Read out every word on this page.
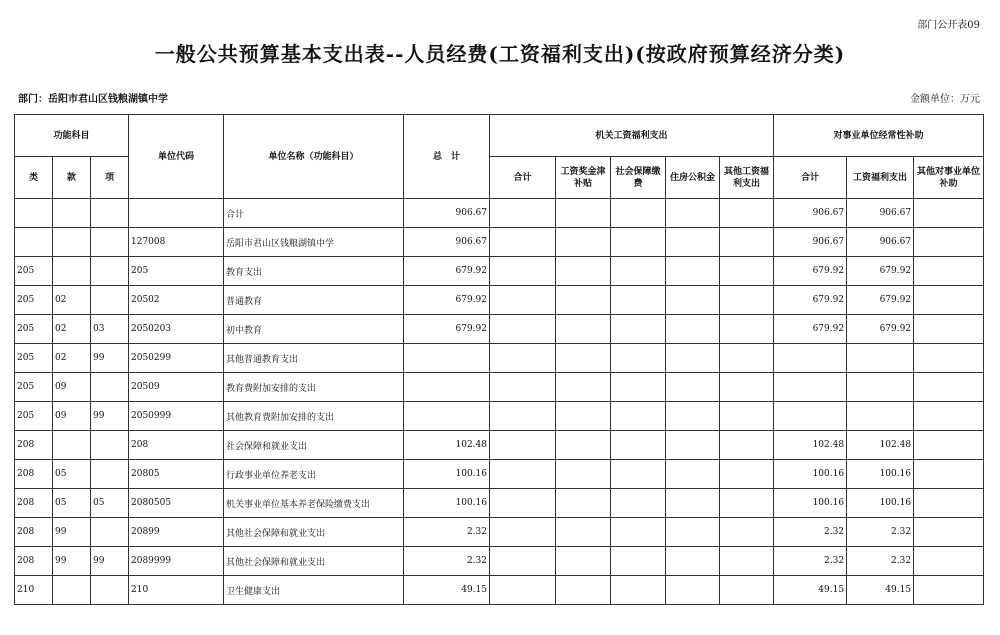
部门公开表09
一般公共预算基本支出表--人员经费(工资福利支出)(按政府预算经济分类)
部门：岳阳市君山区钱粮湖镇中学	金额单位：万元
功能科目			单位代码	单位名称（功能科目）	总　计	机关工资福利支出					对事业单位经常性补助		
类	款	项				合计	工资奖金津补贴	社会保障缴费	住房公积金	其他工资福利支出	合计	工资福利支出	其他对事业单位补助
				合计	906.67						906.67	906.67	
			127008	岳阳市君山区钱粮湖镇中学	906.67						906.67	906.67	
205			205	教育支出	679.92						679.92	679.92	
205	02		20502	普通教育	679.92						679.92	679.92	
205	02	03	2050203	初中教育	679.92						679.92	679.92	
205	02	99	2050299	其他普通教育支出									
205	09		20509	教育费附加安排的支出									
205	09	99	2050999	其他教育费附加安排的支出									
208			208	社会保障和就业支出	102.48						102.48	102.48	
208	05		20805	行政事业单位养老支出	100.16						100.16	100.16	
208	05	05	2080505	机关事业单位基本养老保险缴费支出	100.16						100.16	100.16	
208	99		20899	其他社会保障和就业支出	2.32						2.32	2.32	
208	99	99	2089999	其他社会保障和就业支出	2.32						2.32	2.32	
210			210	卫生健康支出	49.15						49.15	49.15	
